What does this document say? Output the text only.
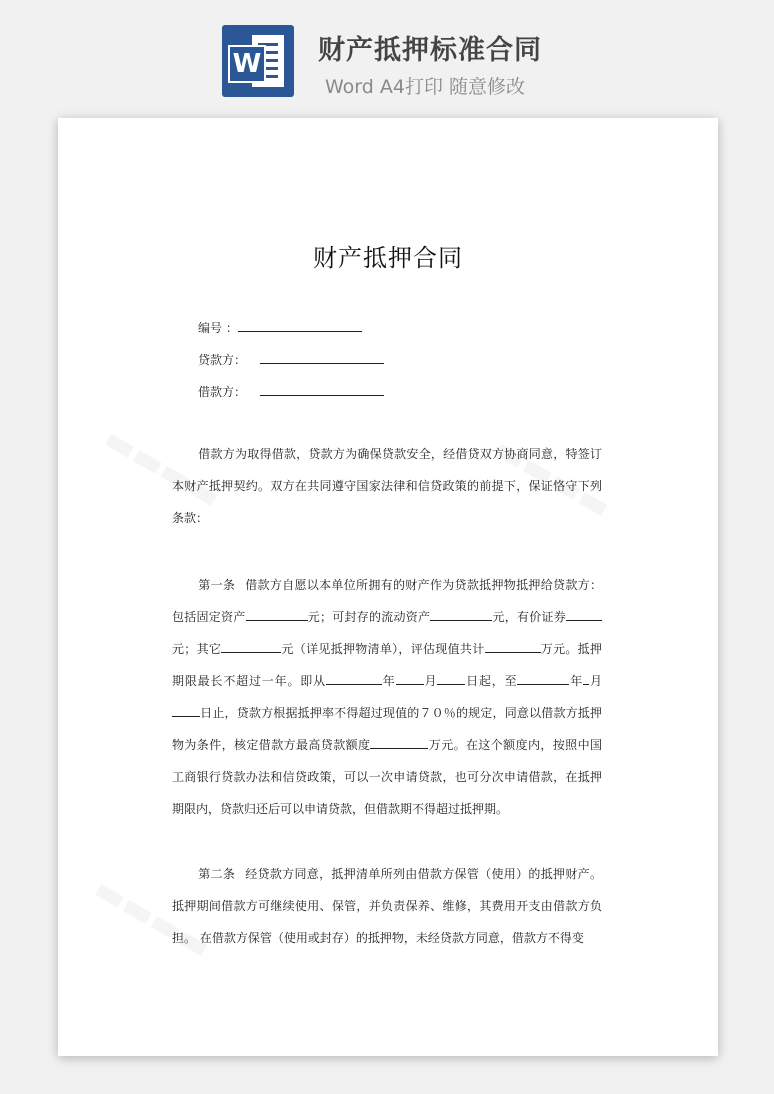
W 财产抵押标准合同
Word A4打印 随意修改
财产抵押合同
编号 ：
贷款方：
借款方：
借款方为取得借款，贷款方为确保贷款安全，经借贷双方协商同意，特签订本财产抵押契约。双方在共同遵守国家法律和信贷政策的前提下，保证恪守下列条款：
第一条 借款方自愿以本单位所拥有的财产作为贷款抵押物抵押给贷款方：包括固定资产	元；可封存的流动资产	元，有价证券元；其它	元（详见抵押物清单），评估现值共计	万元。抵押期限最长不超过一年。即从	年 月 日起，至	年 月日止，贷款方根据抵押率不得超过现值的７０％的规定，同意以借款方抵押物为条件，核定借款方最高贷款额度	万元。在这个额度内，按照中国工商银行贷款办法和信贷政策，可以一次申请贷款，也可分次申请借款，在抵押期限内，贷款归还后可以申请贷款，但借款期不得超过抵押期。
第二条 经贷款方同意，抵押清单所列由借款方保管（使用）的抵押财产。抵押期间借款方可继续使用、保管，并负责保养、维修，其费用开支由借款方负担。 在借款方保管（使用或封存）的抵押物，未经贷款方同意，借款方不得变
